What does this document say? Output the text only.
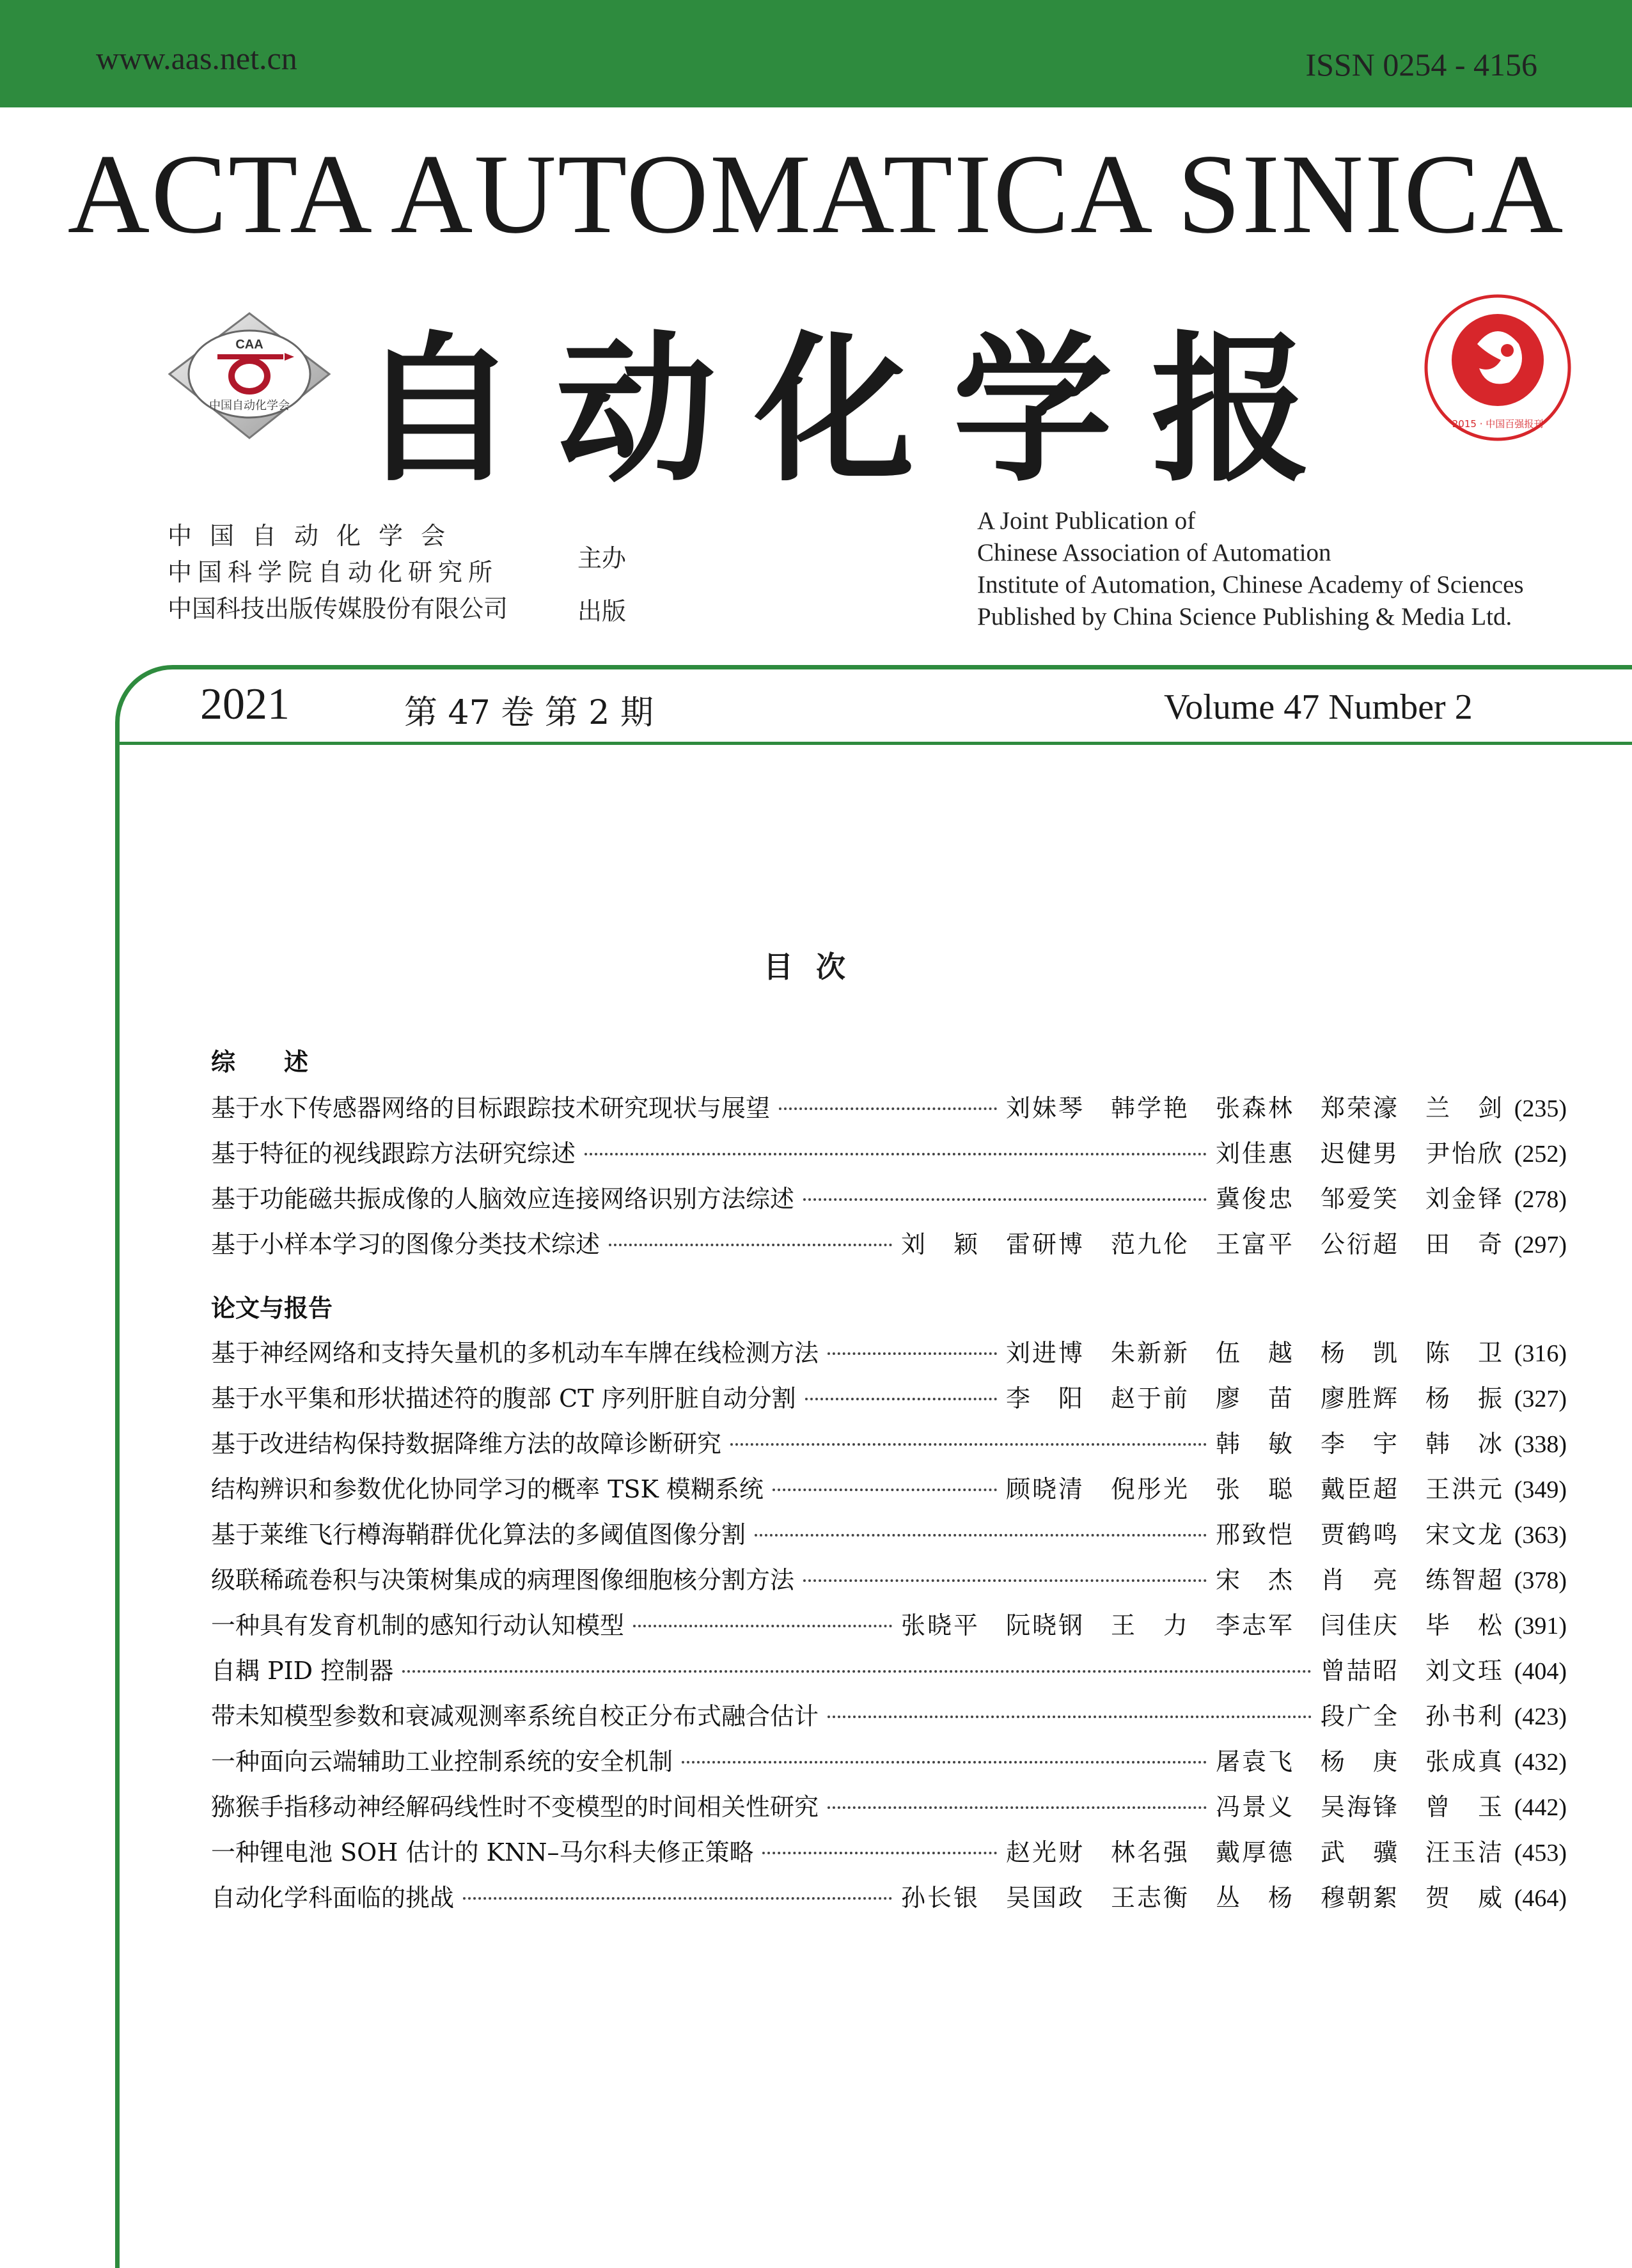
www.aas.net.cn	ISSN 0254 - 4156
ACTA AUTOMATICA SINICA
CAA
中国自动化学会 自动化学报	2015 · 中国百强报刊
中国自动化学会
中国科学院自动化研究所
中国科技出版传媒股份有限公司
主办
出版
A Joint Publication of
Chinese Association of Automation
Institute of Automation, Chinese Academy of Sciences
Published by China Science Publishing & Media Ltd.
2021	第 47 卷 第 2 期	Volume 47 Number 2
目次
综　　述
基于水下传感器网络的目标跟踪技术研究现状与展望	刘妹琴　韩学艳　张森林　郑荣濠　兰　剑 (235)
基于特征的视线跟踪方法研究综述	刘佳惠　迟健男　尹怡欣 (252)
基于功能磁共振成像的人脑效应连接网络识别方法综述	冀俊忠　邹爱笑　刘金铎 (278)
基于小样本学习的图像分类技术综述	刘　颖　雷研博　范九伦　王富平　公衍超　田　奇 (297)
论文与报告
基于神经网络和支持矢量机的多机动车车牌在线检测方法	刘进博　朱新新　伍　越　杨　凯　陈　卫 (316)
基于水平集和形状描述符的腹部 CT 序列肝脏自动分割	李　阳　赵于前　廖　苗　廖胜辉　杨　振 (327)
基于改进结构保持数据降维方法的故障诊断研究	韩　敏　李　宇　韩　冰 (338)
结构辨识和参数优化协同学习的概率 TSK 模糊系统	顾晓清　倪彤光　张　聪　戴臣超　王洪元 (349)
基于莱维飞行樽海鞘群优化算法的多阈值图像分割	邢致恺　贾鹤鸣　宋文龙 (363)
级联稀疏卷积与决策树集成的病理图像细胞核分割方法	宋　杰　肖　亮　练智超 (378)
一种具有发育机制的感知行动认知模型	张晓平　阮晓钢　王　力　李志军　闫佳庆　毕　松 (391)
自耦 PID 控制器	曾喆昭　刘文珏 (404)
带未知模型参数和衰减观测率系统自校正分布式融合估计	段广全　孙书利 (423)
一种面向云端辅助工业控制系统的安全机制	屠袁飞　杨　庚　张成真 (432)
猕猴手指移动神经解码线性时不变模型的时间相关性研究	冯景义　吴海锋　曾　玉 (442)
一种锂电池 SOH 估计的 KNN–马尔科夫修正策略	赵光财　林名强　戴厚德　武　骥　汪玉洁 (453)
自动化学科面临的挑战	孙长银　吴国政　王志衡　丛　杨　穆朝絮　贺　威 (464)
